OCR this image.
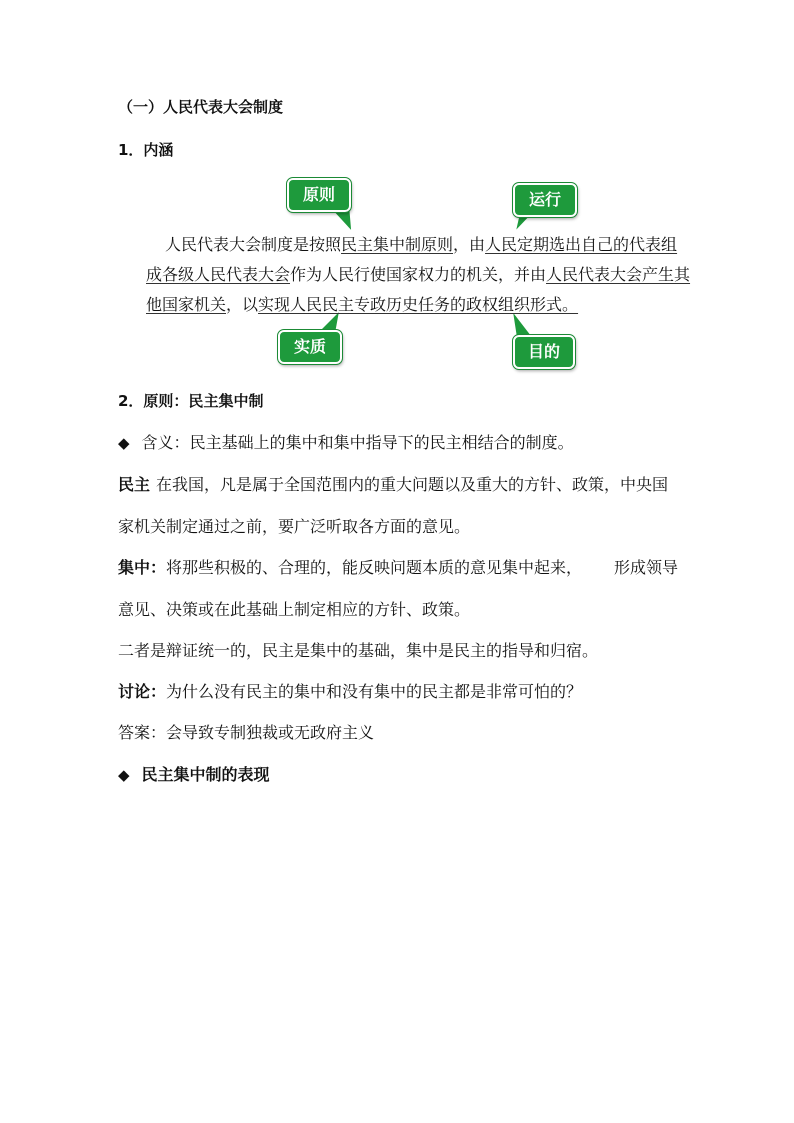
（一）人民代表大会制度
1．内涵
原则	运行
实质	目的
人民代表大会制度是按照民主集中制原则，由人民定期选出自己的代表组
成各级人民代表大会作为人民行使国家权力的机关，并由人民代表大会产生其
他国家机关，以实现人民民主专政历史任务的政权组织形式。
2．原则：民主集中制
◆ 含义：民主基础上的集中和集中指导下的民主相结合的制度。
民主 在我国，凡是属于全国范围内的重大问题以及重大的方针、政策，中央国
家机关制定通过之前，要广泛听取各方面的意见。
集中：将那些积极的、合理的，能反映问题本质的意见集中起来， 形成领导
意见、决策或在此基础上制定相应的方针、政策。
二者是辩证统一的，民主是集中的基础，集中是民主的指导和归宿。
讨论：为什么没有民主的集中和没有集中的民主都是非常可怕的？
答案：会导致专制独裁或无政府主义
◆ 民主集中制的表现
